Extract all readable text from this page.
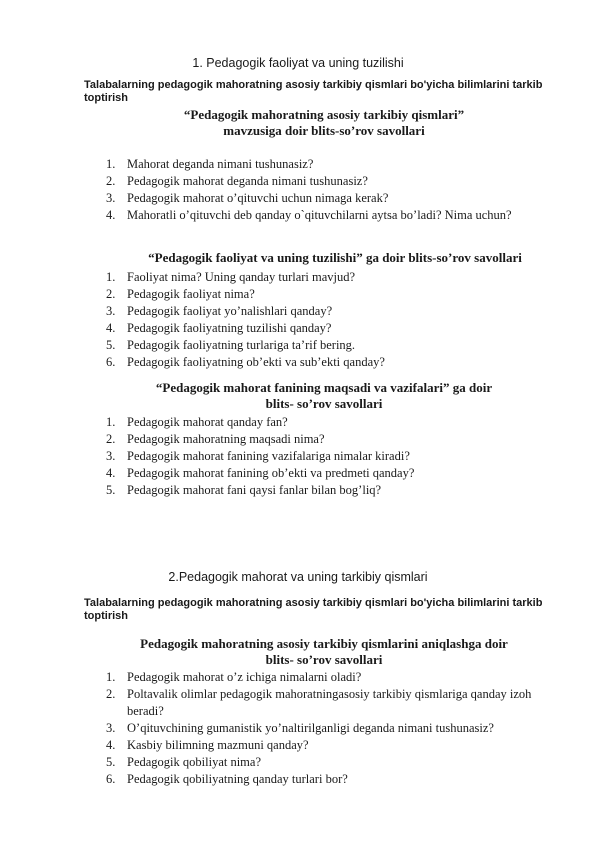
1. Pedagogik faoliyat va uning tuzilishi
Talabalarning pedagogik mahoratning asosiy tarkibiy qismlari bo'yicha bilimlarini tarkib toptirish
“Pedagogik mahoratning asosiy tarkibiy qismlari”
mavzusiga doir blits-so’rov savollari
1. Mahorat deganda nimani tushunasiz?
2. Pedagogik mahorat deganda nimani tushunasiz?
3. Pedagogik mahorat o’qituvchi uchun nimaga kerak?
4. Mahoratli o’qituvchi deb qanday o`qituvchilarni aytsa bo’ladi? Nima uchun?
“Pedagogik faoliyat va uning tuzilishi” ga doir blits-so’rov savollari
1. Faoliyat nima? Uning qanday turlari mavjud?
2. Pedagogik faoliyat nima?
3. Pedagogik faoliyat yo’nalishlari qanday?
4. Pedagogik faoliyatning tuzilishi qanday?
5. Pedagogik faoliyatning turlariga ta’rif bering.
6. Pedagogik faoliyatning ob’ekti va sub’ekti qanday?
“Pedagogik mahorat fanining maqsadi va vazifalari” ga doir
blits- so’rov savollari
1. Pedagogik mahorat qanday fan?
2. Pedagogik mahoratning maqsadi nima?
3. Pedagogik mahorat fanining vazifalariga nimalar kiradi?
4. Pedagogik mahorat fanining ob’ekti va predmeti qanday?
5. Pedagogik mahorat fani qaysi fanlar bilan bog’liq?
2.Pedagogik mahorat va uning tarkibiy qismlari
Talabalarning pedagogik mahoratning asosiy tarkibiy qismlari bo'yicha bilimlarini tarkib toptirish
Pedagogik mahoratning asosiy tarkibiy qismlarini aniqlashga doir
blits- so’rov savollari
1. Pedagogik mahorat o’z ichiga nimalarni oladi?
2. Poltavalik olimlar pedagogik mahoratningasosiy tarkibiy qismlariga qanday izoh beradi?
3. O’qituvchining gumanistik yo’naltirilganligi deganda nimani tushunasiz?
4. Kasbiy bilimning mazmuni qanday?
5. Pedagogik qobiliyat nima?
6. Pedagogik qobiliyatning qanday turlari bor?
